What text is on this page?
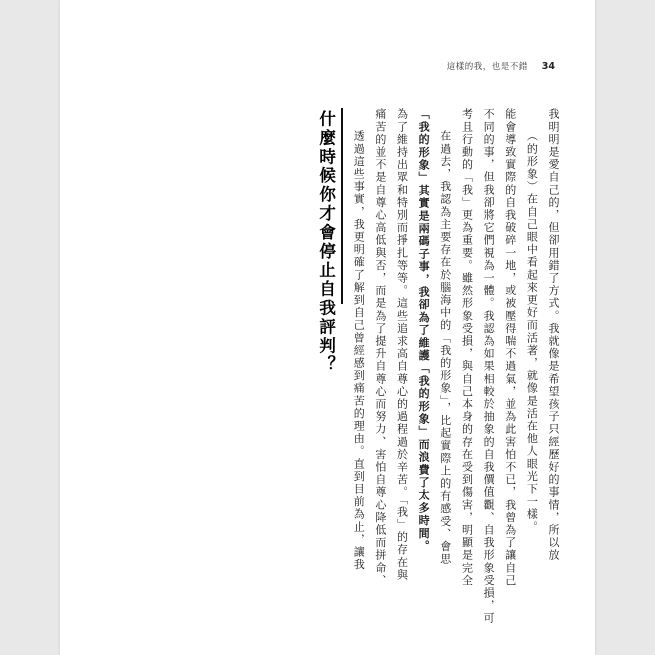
這樣的我，也是不錯 34
什麼時候你才會停止自我評判？ 透過這些事實，我更明確了解到自己曾經感到痛苦的理由。直到目前為止，讓我 痛苦的並不是自尊心高低與否，而是為了提升自尊心而努力、害怕自尊心降低而拼命、 為了維持出眾和特別而掙扎等等。這些追求高自尊心的過程過於辛苦。「我」的存在與 「我的形象」其實是兩碼子事，我卻為了維護「我的形象」而浪費了太多時間。 在過去，我認為主要存在於腦海中的「我的形象」，比起實際上的有感受、會思 考且行動的「我」更為重要。雖然形象受損，與自己本身的存在受到傷害，明顯是完全 不同的事，但我卻將它們視為一體。我認為如果相較於抽象的自我價值觀、自我形象受損，可 能會導致實際的自我破碎一地，或被壓得喘不過氣，並為此害怕不已，我曾為了讓自己 （的形象）在自己眼中看起來更好而活著，就像是活在他人眼光下一樣。 我明明是愛自己的，但卻用錯了方式。我就像是希望孩子只經歷好的事情，所以放
